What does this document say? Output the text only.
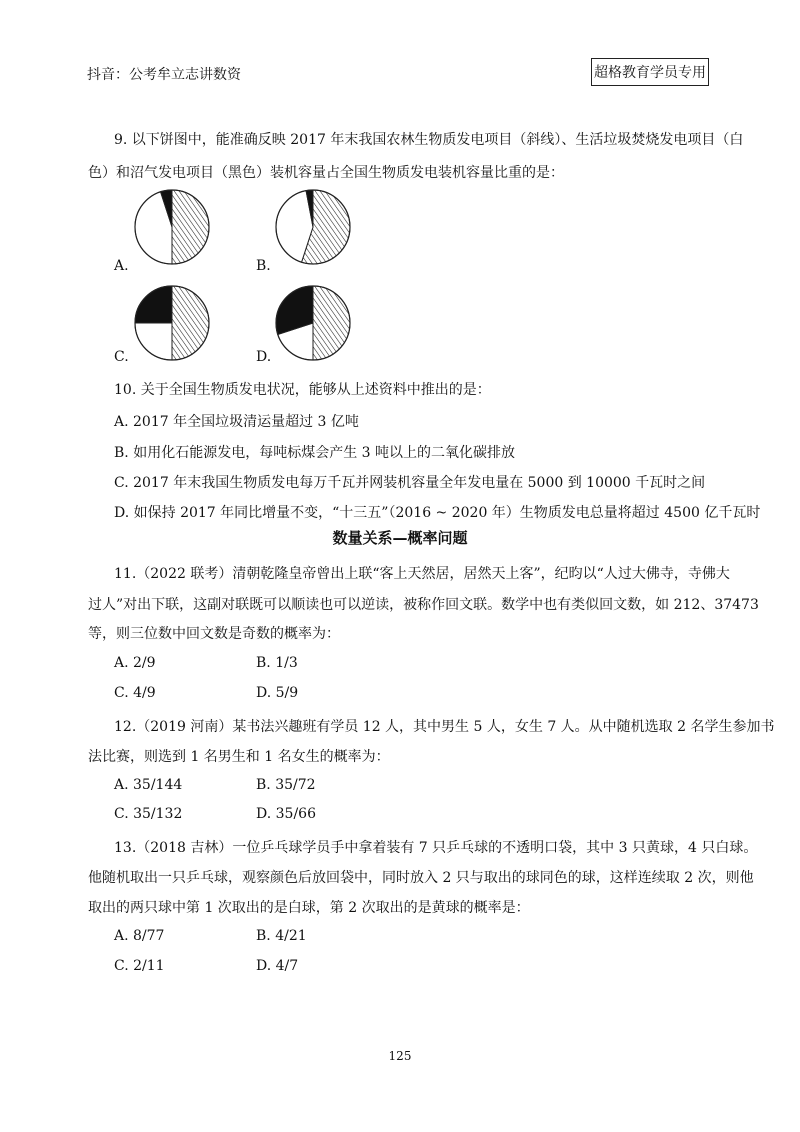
抖音：公考牟立志讲数资	超格教育学员专用
9. 以下饼图中，能准确反映 2017 年末我国农林生物质发电项目（斜线）、生活垃圾焚烧发电项目（白
色）和沼气发电项目（黑色）装机容量占全国生物质发电装机容量比重的是：
A.	B.
C.	D.
10. 关于全国生物质发电状况，能够从上述资料中推出的是：
A. 2017 年全国垃圾清运量超过 3 亿吨
B. 如用化石能源发电，每吨标煤会产生 3 吨以上的二氧化碳排放
C. 2017 年末我国生物质发电每万千瓦并网装机容量全年发电量在 5000 到 10000 千瓦时之间
D. 如保持 2017 年同比增量不变，“十三五”（2016 ~ 2020 年）生物质发电总量将超过 4500 亿千瓦时
数量关系—概率问题
11.（2022 联考）清朝乾隆皇帝曾出上联“客上天然居，居然天上客”，纪昀以“人过大佛寺，寺佛大
过人”对出下联，这副对联既可以顺读也可以逆读，被称作回文联。数学中也有类似回文数，如 212、37473
等，则三位数中回文数是奇数的概率为：
A. 2/9	B. 1/3
C. 4/9	D. 5/9
12.（2019 河南）某书法兴趣班有学员 12 人，其中男生 5 人，女生 7 人。从中随机选取 2 名学生参加书
法比赛，则选到 1 名男生和 1 名女生的概率为：
A. 35/144	B. 35/72
C. 35/132	D. 35/66
13.（2018 吉林）一位乒乓球学员手中拿着装有 7 只乒乓球的不透明口袋，其中 3 只黄球，4 只白球。
他随机取出一只乒乓球，观察颜色后放回袋中，同时放入 2 只与取出的球同色的球，这样连续取 2 次，则他
取出的两只球中第 1 次取出的是白球，第 2 次取出的是黄球的概率是：
A. 8/77	B. 4/21
C. 2/11	D. 4/7
125
